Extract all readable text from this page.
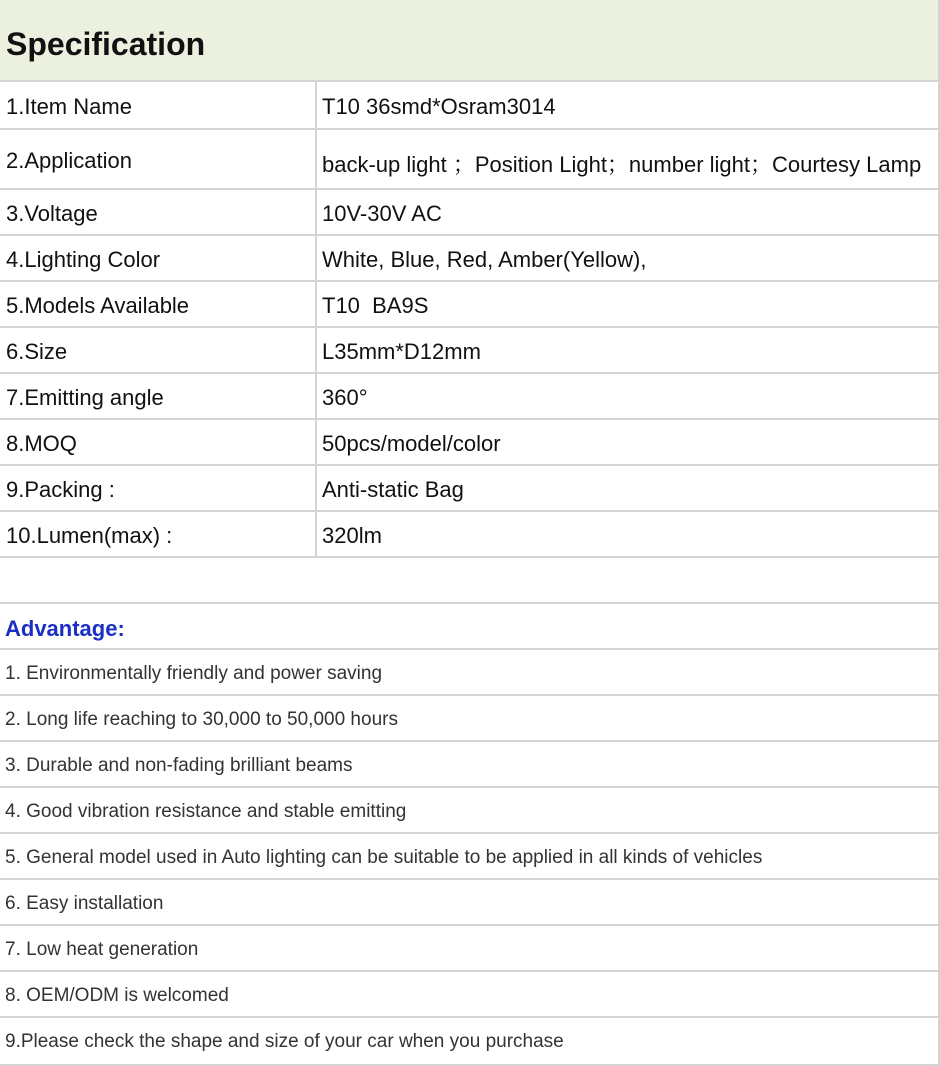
Specification
1.Item Name	T10 36smd*Osram3014
2.Application	back-up light ；Position Light；number light；Courtesy Lamp
3.Voltage	10V-30V AC
4.Lighting Color	White, Blue, Red, Amber(Yellow),
5.Models Available	T10  BA9S
6.Size	L35mm*D12mm
7.Emitting angle	360°
8.MOQ	50pcs/model/color
9.Packing :	Anti-static Bag
10.Lumen(max) :	320lm
Advantage:
1. Environmentally friendly and power saving
2. Long life reaching to 30,000 to 50,000 hours
3. Durable and non-fading brilliant beams
4. Good vibration resistance and stable emitting
5. General model used in Auto lighting can be suitable to be applied in all kinds of vehicles
6. Easy installation
7. Low heat generation
8. OEM/ODM is welcomed
9.Please check the shape and size of your car when you purchase
